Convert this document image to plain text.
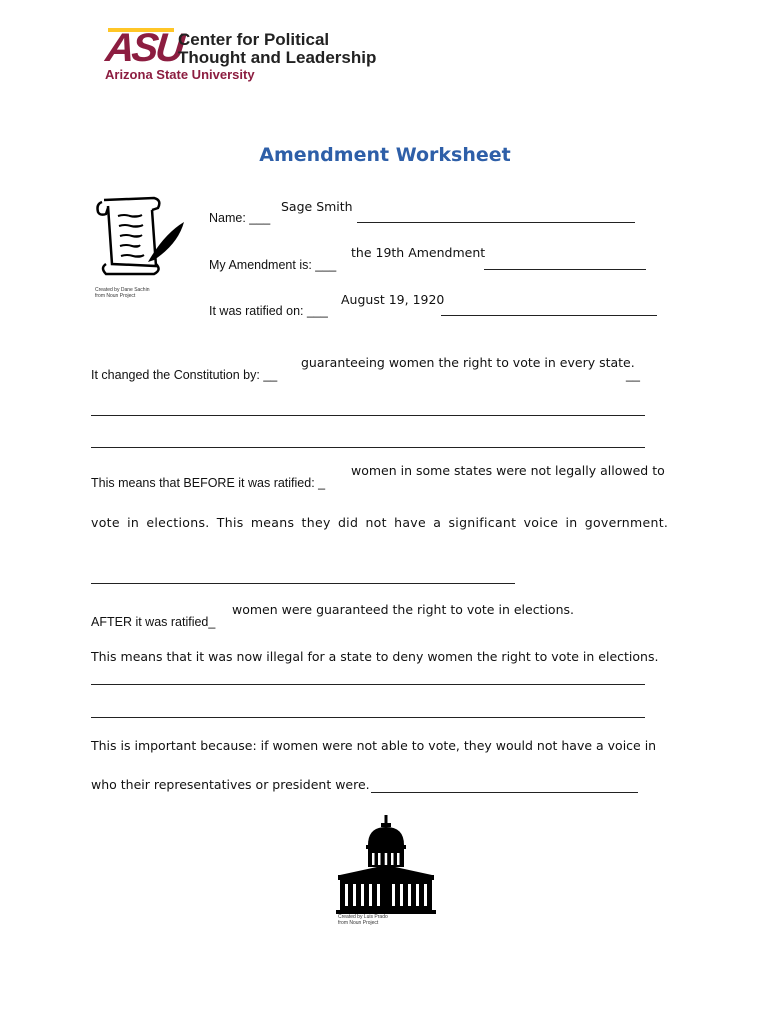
ASU
Center for Political
Thought and Leadership
Arizona State University
Amendment Worksheet
Created by Dane Sachin
from Noun Project
Name: ___
Sage Smith
My Amendment is: ___
the 19th Amendment
It was ratified on: ___
August 19, 1920
It changed the Constitution by: __
guaranteeing women the right to vote in every state.
__
This means that BEFORE it was ratified: _
women in some states were not legally allowed to
vote in elections. This means they did not have a significant voice in government.
AFTER it was ratified_
women were guaranteed the right to vote in elections.
This means that it was now illegal for a state to deny women the right to vote in elections.
This is important because: if women were not able to vote, they would not have a voice in
who their representatives or president were.
Created by Luis Prado
from Noun Project
